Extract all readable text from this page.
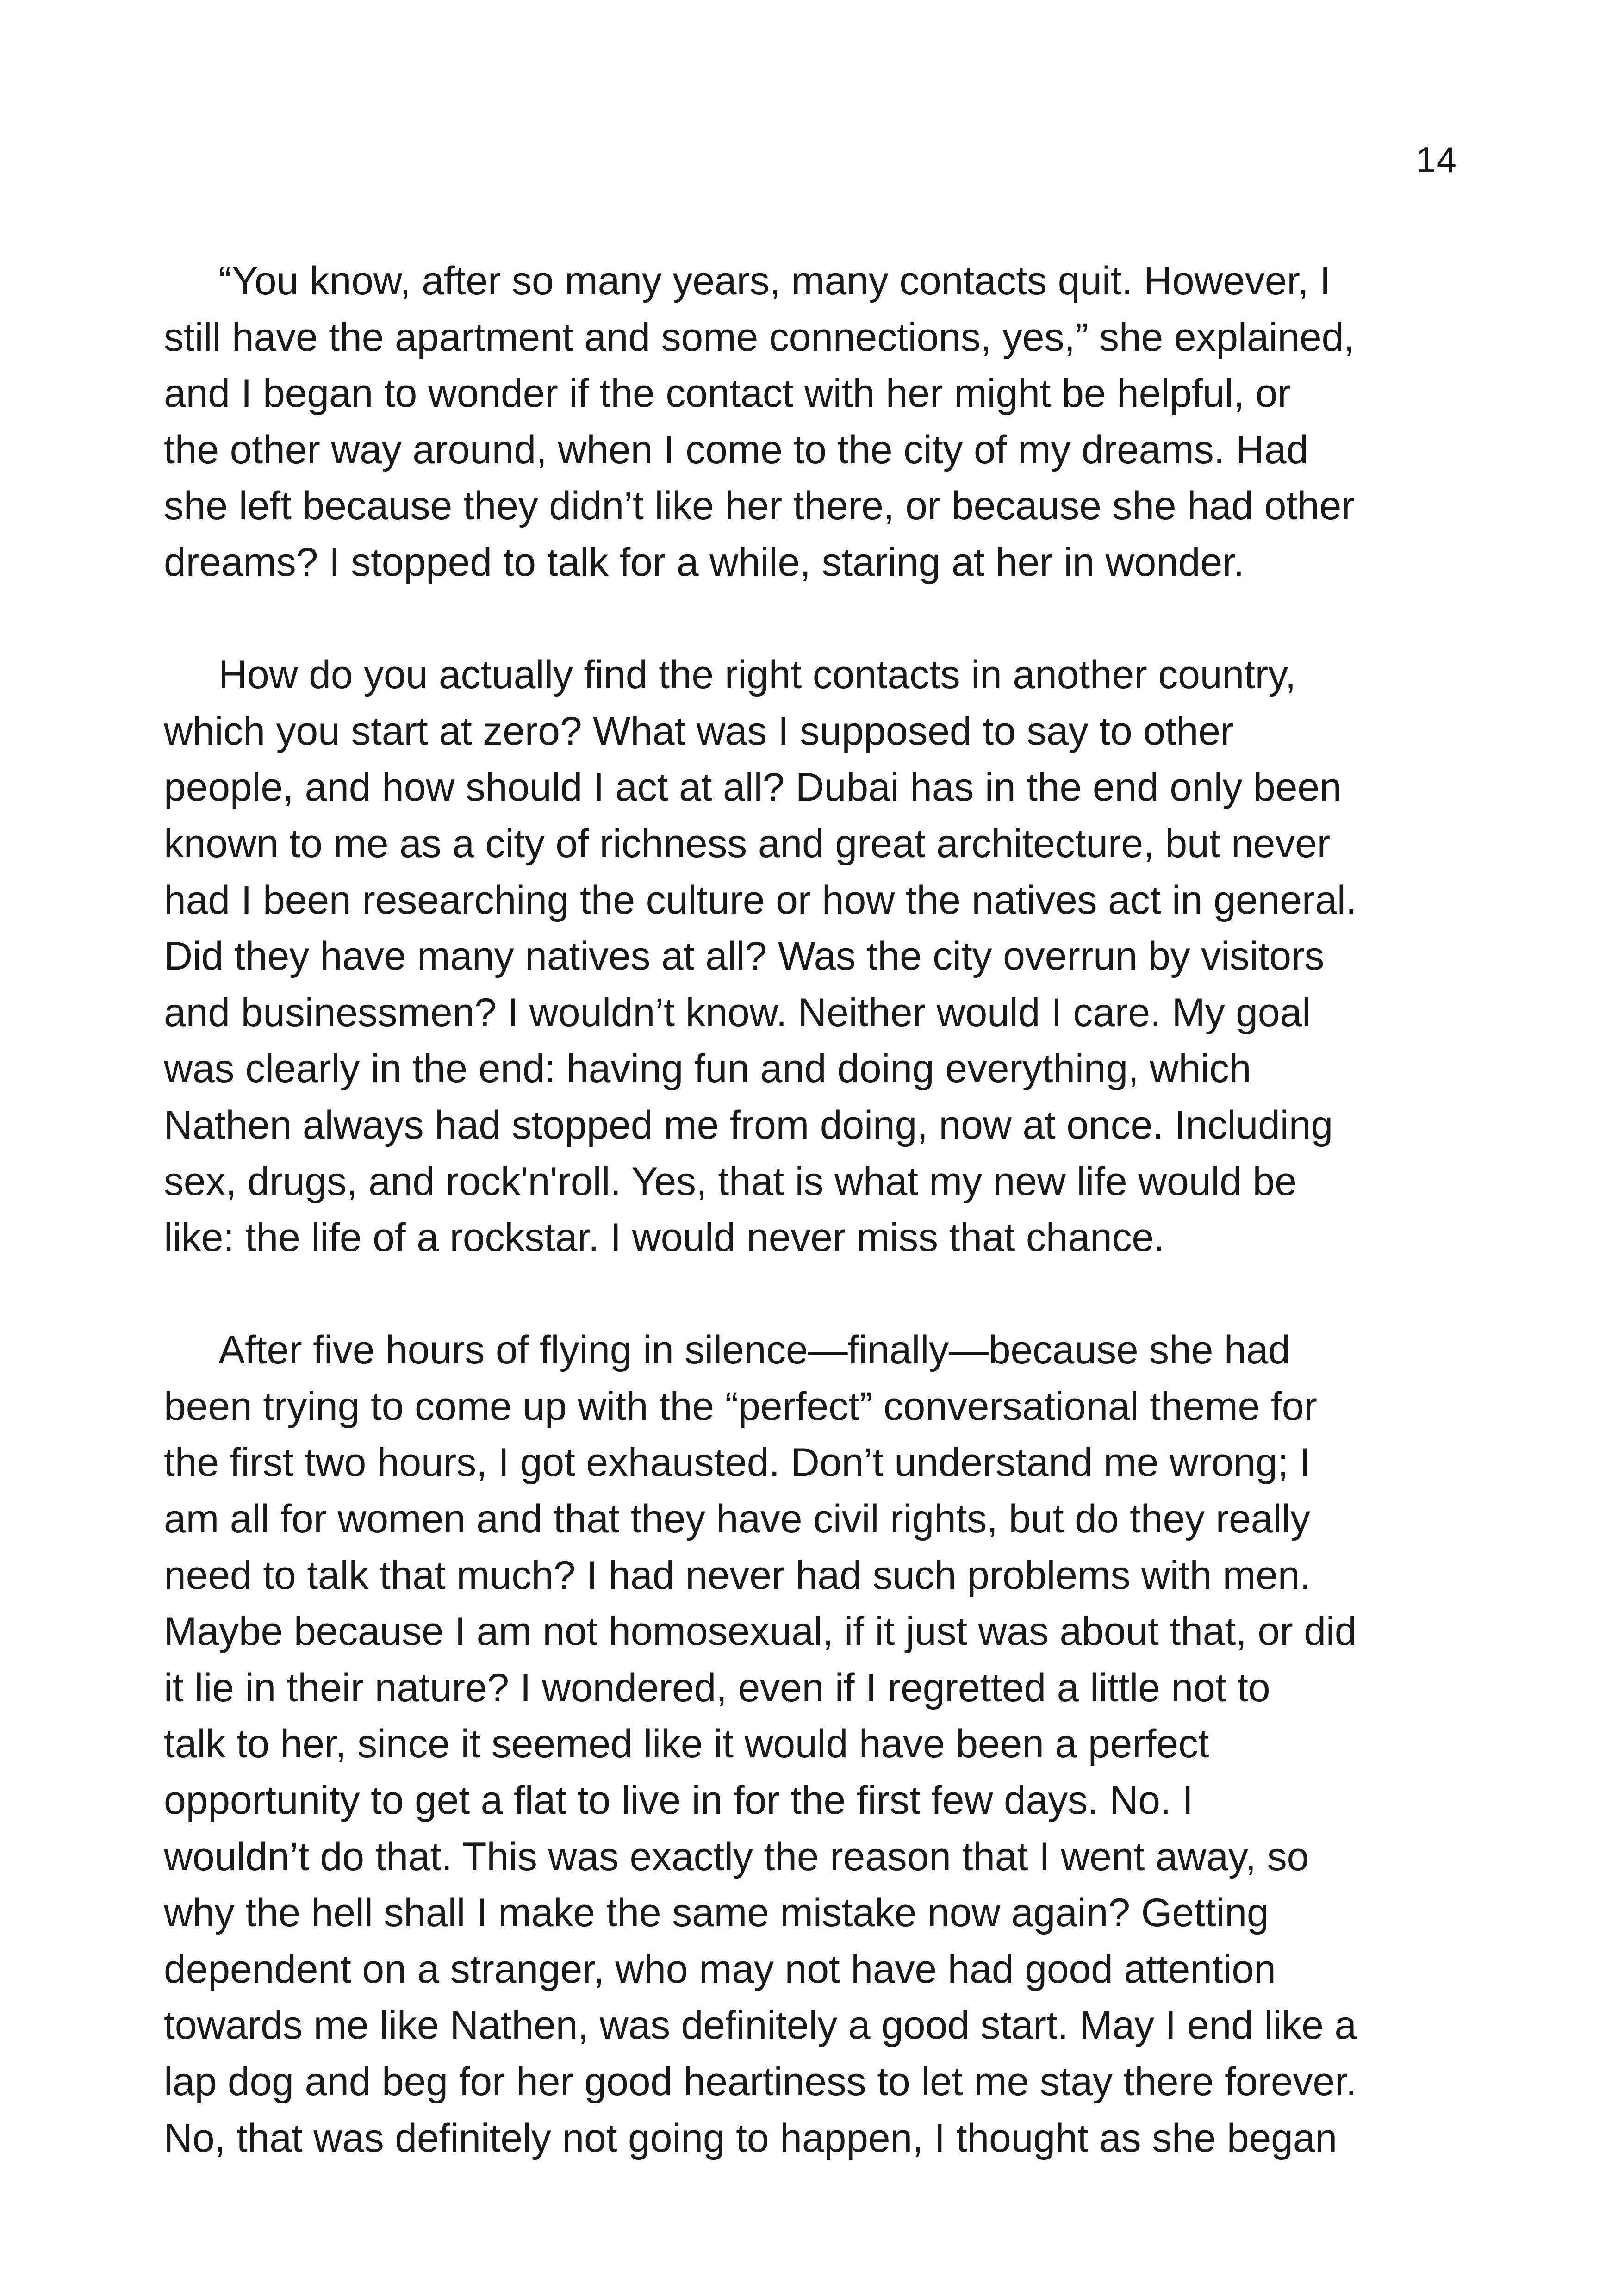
14

“You know, after so many years, many contacts quit. However, I
still have the apartment and some connections, yes,” she explained,
and I began to wonder if the contact with her might be helpful, or
the other way around, when I come to the city of my dreams. Had
she left because they didn’t like her there, or because she had other
dreams? I stopped to talk for a while, staring at her in wonder.

How do you actually find the right contacts in another country,
which you start at zero? What was I supposed to say to other
people, and how should I act at all? Dubai has in the end only been
known to me as a city of richness and great architecture, but never
had I been researching the culture or how the natives act in general.
Did they have many natives at all? Was the city overrun by visitors
and businessmen? I wouldn’t know. Neither would I care. My goal
was clearly in the end: having fun and doing everything, which
Nathen always had stopped me from doing, now at once. Including
sex, drugs, and rock'n'roll. Yes, that is what my new life would be
like: the life of a rockstar. I would never miss that chance.

After five hours of flying in silence—finally—because she had
been trying to come up with the “perfect” conversational theme for
the first two hours, I got exhausted. Don’t understand me wrong; I
am all for women and that they have civil rights, but do they really
need to talk that much? I had never had such problems with men.
Maybe because I am not homosexual, if it just was about that, or did
it lie in their nature? I wondered, even if I regretted a little not to
talk to her, since it seemed like it would have been a perfect
opportunity to get a flat to live in for the first few days. No. I
wouldn’t do that. This was exactly the reason that I went away, so
why the hell shall I make the same mistake now again? Getting
dependent on a stranger, who may not have had good attention
towards me like Nathen, was definitely a good start. May I end like a
lap dog and beg for her good heartiness to let me stay there forever.
No, that was definitely not going to happen, I thought as she began
